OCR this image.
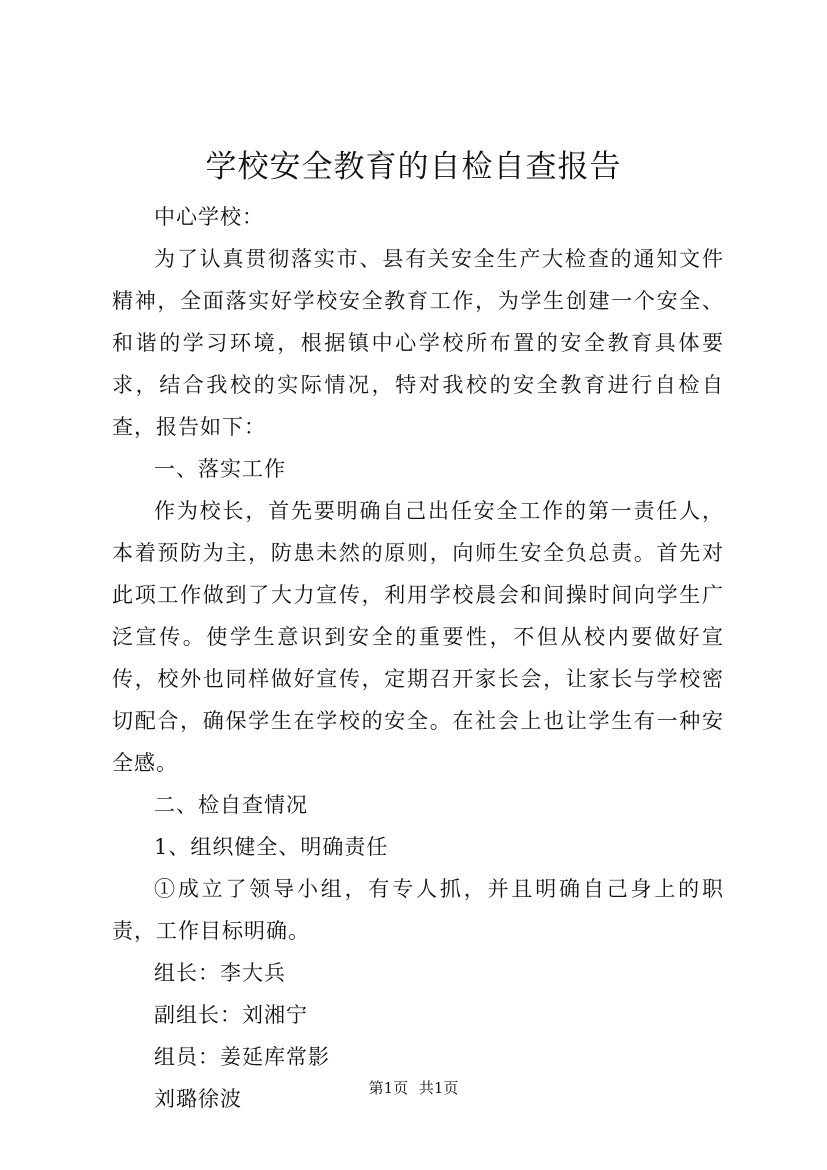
学校安全教育的自检自查报告

中心学校：

为了认真贯彻落实市、县有关安全生产大检查的通知文件精神，全面落实好学校安全教育工作，为学生创建一个安全、和谐的学习环境，根据镇中心学校所布置的安全教育具体要求，结合我校的实际情况，特对我校的安全教育进行自检自查，报告如下：

一、落实工作

作为校长，首先要明确自己出任安全工作的第一责任人，本着预防为主，防患未然的原则，向师生安全负总责。首先对此项工作做到了大力宣传，利用学校晨会和间操时间向学生广泛宣传。使学生意识到安全的重要性，不但从校内要做好宣传，校外也同样做好宣传，定期召开家长会，让家长与学校密切配合，确保学生在学校的安全。在社会上也让学生有一种安全感。

二、检自查情况

1、组织健全、明确责任

①成立了领导小组，有专人抓，并且明确自己身上的职责，工作目标明确。

组长：李大兵

副组长：刘湘宁

组员：姜延库常影

刘璐徐波	第1页 共1页
